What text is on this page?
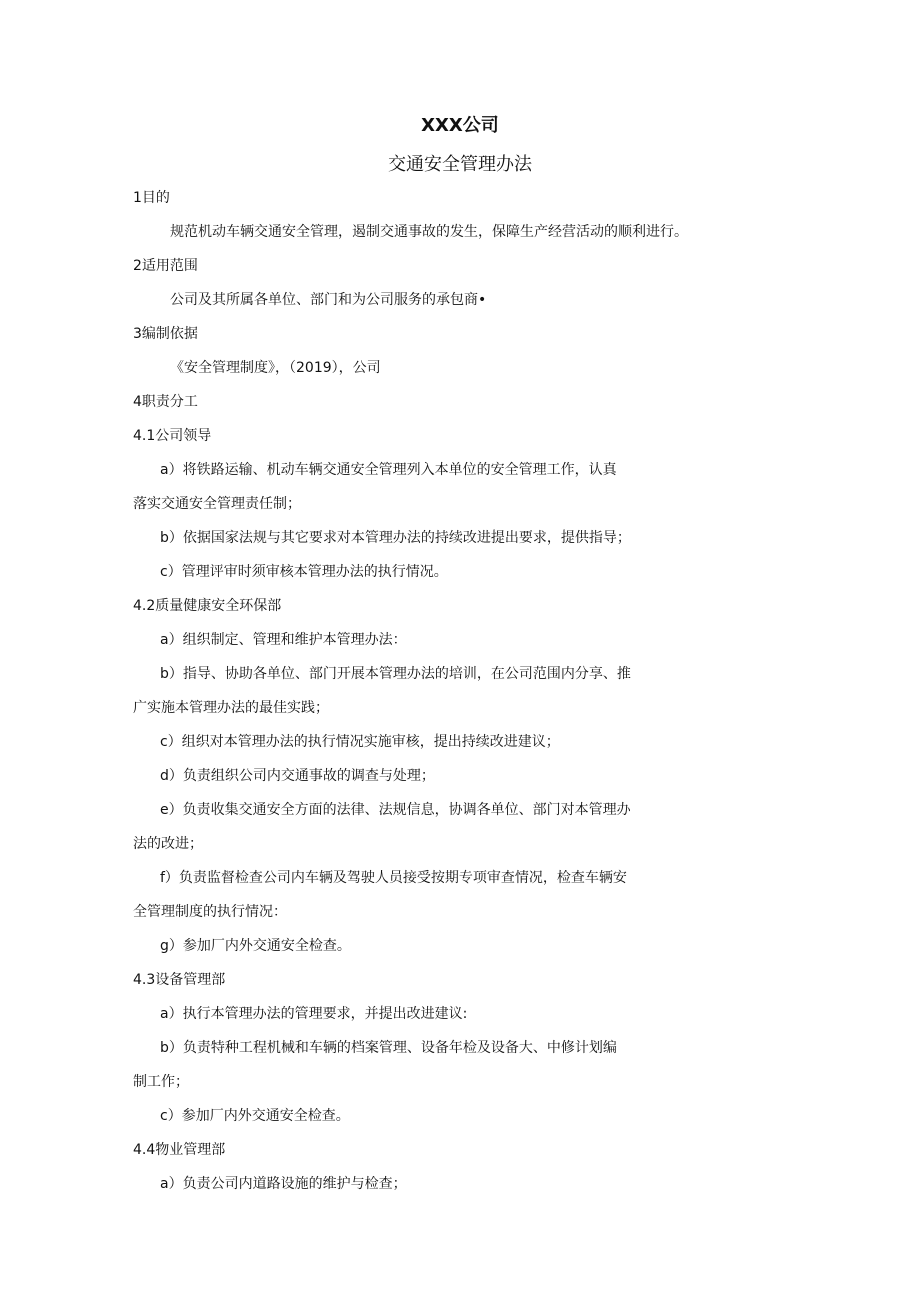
XXX公司
交通安全管理办法
1目的
规范机动车辆交通安全管理，遏制交通事故的发生，保障生产经营活动的顺利进行。
2适用范围
公司及其所属各单位、部门和为公司服务的承包商•
3编制依据
《安全管理制度》，（2019），公司
4职责分工
4.1公司领导
a）将铁路运输、机动车辆交通安全管理列入本单位的安全管理工作，认真
落实交通安全管理责任制；
b）依据国家法规与其它要求对本管理办法的持续改进提出要求，提供指导；
c）管理评审时须审核本管理办法的执行情况。
4.2质量健康安全环保部
a）组织制定、管理和维护本管理办法：
b）指导、协助各单位、部门开展本管理办法的培训，在公司范围内分享、推
广实施本管理办法的最佳实践；
c）组织对本管理办法的执行情况实施审核，提出持续改进建议；
d）负责组织公司内交通事故的调查与处理；
e）负责收集交通安全方面的法律、法规信息，协调各单位、部门对本管理办
法的改进；
f）负责监督检查公司内车辆及驾驶人员接受按期专项审查情况，检查车辆安
全管理制度的执行情况：
g）参加厂内外交通安全检查。
4.3设备管理部
a）执行本管理办法的管理要求，并提出改进建议:
b）负责特种工程机械和车辆的档案管理、设备年检及设备大、中修计划编
制工作；
c）参加厂内外交通安全检查。
4.4物业管理部
a）负责公司内道路设施的维护与检查；
